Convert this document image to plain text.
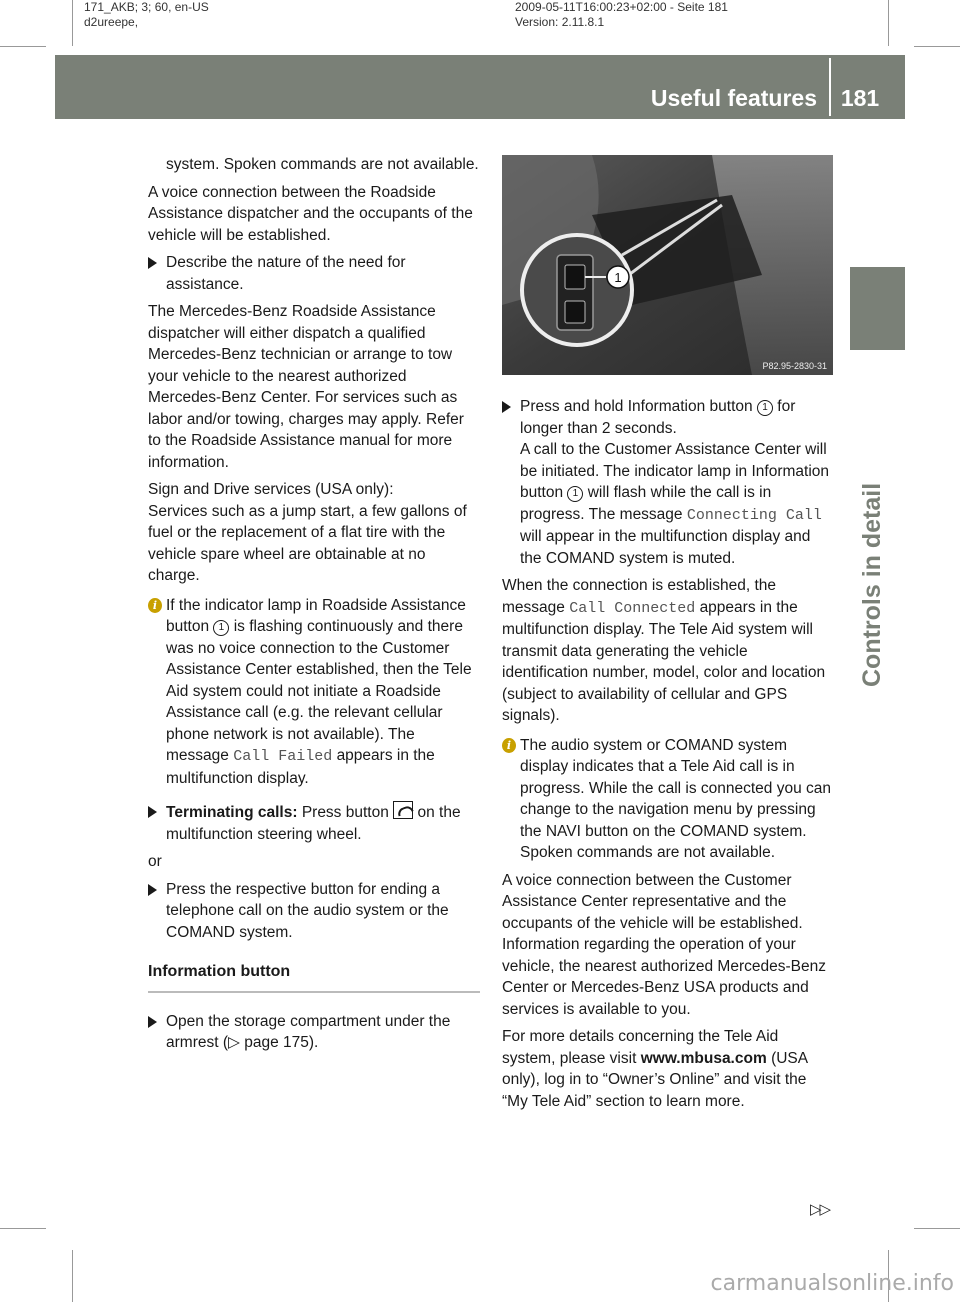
171_AKB; 3; 60, en-US
d2ureepe,
2009-05-11T16:00:23+02:00 - Seite 181
Version: 2.11.8.1
Useful features 181
Controls in detail

system. Spoken commands are not available.

A voice connection between the Roadside Assistance dispatcher and the occupants of the vehicle will be established.

Describe the nature of the need for assistance.

The Mercedes-Benz Roadside Assistance dispatcher will either dispatch a qualified Mercedes-Benz technician or arrange to tow your vehicle to the nearest authorized Mercedes-Benz Center. For services such as labor and/or towing, charges may apply. Refer to the Roadside Assistance manual for more information.

Sign and Drive services (USA only):
Services such as a jump start, a few gallons of fuel or the replacement of a flat tire with the vehicle spare wheel are obtainable at no charge.

i If the indicator lamp in Roadside Assistance button 1 is flashing continuously and there was no voice connection to the Customer Assistance Center established, then the Tele Aid system could not initiate a Roadside Assistance call (e.g. the relevant cellular phone network is not available). The message Call Failed appears in the multifunction display.
Terminating calls: Press button on the multifunction steering wheel.

or

Press the respective button for ending a telephone call on the audio system or the COMAND system.
Information button
Open the storage compartment under the armrest (▷ page 175).
1
P82.95-2830-31
Press and hold Information button 1 for longer than 2 seconds.
A call to the Customer Assistance Center will be initiated. The indicator lamp in Information button 1 will flash while the call is in progress. The message Connecting Call will appear in the multifunction display and the COMAND system is muted.

When the connection is established, the message Call Connected appears in the multifunction display. The Tele Aid system will transmit data generating the vehicle identification number, model, color and location (subject to availability of cellular and GPS signals).

i The audio system or COMAND system display indicates that a Tele Aid call is in progress. While the call is connected you can change to the navigation menu by pressing the NAVI button on the COMAND system. Spoken commands are not available.

A voice connection between the Customer Assistance Center representative and the occupants of the vehicle will be established. Information regarding the operation of your vehicle, the nearest authorized Mercedes-Benz Center or Mercedes-Benz USA products and services is available to you.

For more details concerning the Tele Aid system, please visit www.mbusa.com (USA only), log in to “Owner’s Online” and visit the “My Tele Aid” section to learn more.

▷▷
carmanualsonline.info
